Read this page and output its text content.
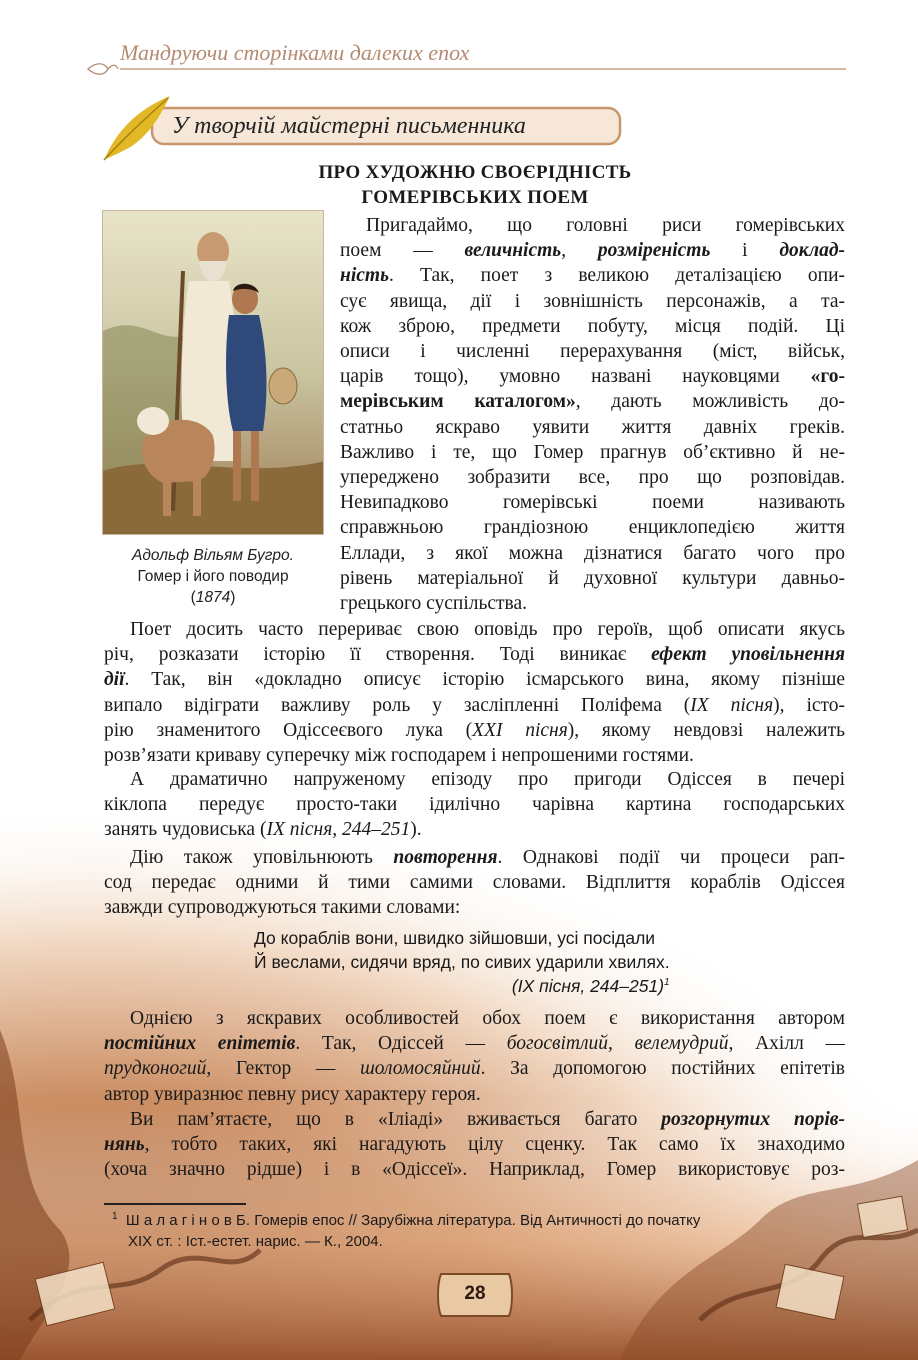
Мандруючи сторінками далеких епох
У творчій майстерні письменника
ПРО ХУДОЖНЮ СВОЄРІДНІСТЬ
ГОМЕРІВСЬКИХ ПОЕМ
Адольф Вільям Бугро.
Гомер і його поводир
(1874)
Пригадаймо, що головні риси гомерівських
поем — величність, розміреність і доклад-
ність. Так, поет з великою деталізацією опи-
сує явища, дії і зовнішність персонажів, а та-
кож зброю, предмети побуту, місця подій. Ці
описи і численні перерахування (міст, військ,
царів тощо), умовно названі науковцями «го-
мерівським каталогом», дають можливість до-
статньо яскраво уявити життя давніх греків.
Важливо і те, що Гомер прагнув об’єктивно й не-
упереджено зобразити все, про що розповідав.
Невипадково гомерівські поеми називають
справжньою грандіозною енциклопедією життя
Еллади, з якої можна дізнатися багато чого про
рівень матеріальної й духовної культури давньо-
грецького суспільства.
Поет досить часто перериває свою оповідь про героїв, щоб описати якусь
річ, розказати історію її створення. Тоді виникає ефект уповільнення
дії. Так, він «докладно описує історію ісмарського вина, якому пізніше
випало відіграти важливу роль у засліпленні Поліфема (IX пісня), істо-
рію знаменитого Одіссеєвого лука (XXI пісня), якому невдовзі належить
розв’язати криваву суперечку між господарем і непрошеними гостями.
А драматично напруженому епізоду про пригоди Одіссея в печері
кіклопа передує просто-таки ідилічно чарівна картина господарських
занять чудовиська (IX пісня, 244–251).
Дію також уповільнюють повторення. Однакові події чи процеси рап-
сод передає одними й тими самими словами. Відплиття кораблів Одіссея
завжди супроводжуються такими словами:
До кораблів вони, швидко зійшовши, усі посідали
Й веслами, сидячи вряд, по сивих ударили хвилях.
(IX пісня, 244–251)$^1$
Однією з яскравих особливостей обох поем є використання автором
постійних епітетів. Так, Одіссей — богосвітлий, велемудрий, Ахілл —
прудконогий, Гектор — шоломосяйний. За допомогою постійних епітетів
автор увиразнює певну рису характеру героя.
Ви пам’ятаєте, що в «Іліаді» вживається багато розгорнутих порів-
нянь, тобто таких, які нагадують цілу сценку. Так само їх знаходимо
(хоча значно рідше) і в «Одіссеї». Наприклад, Гомер використовує роз-
$^1$ Ш а л а г і н о в Б. Гомерів епос // Зарубіжна література. Від Античності до початку
XIX ст. : Іст.-естет. нарис. — К., 2004.
28
